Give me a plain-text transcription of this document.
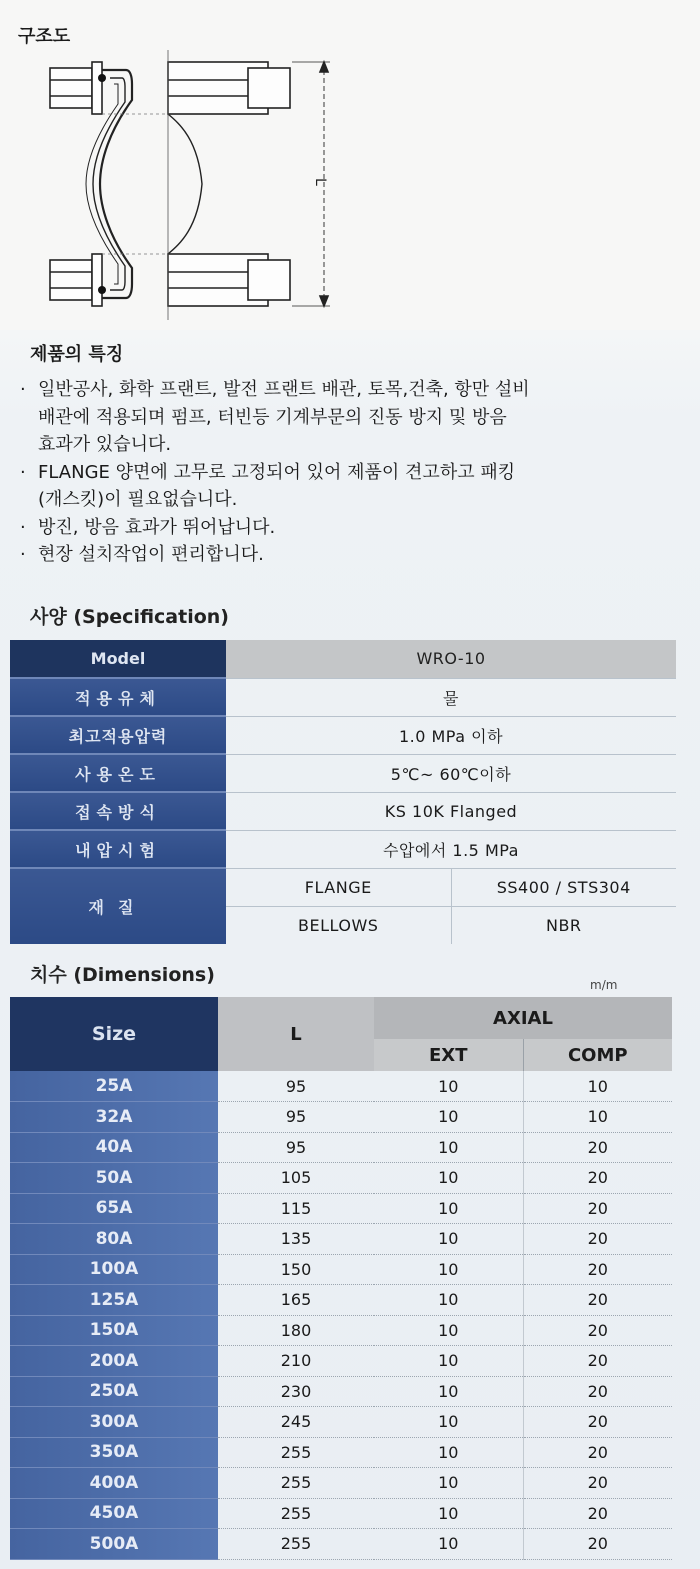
구조도
L
제품의 특징
· 일반공사, 화학 프랜트, 발전 프랜트 배관, 토목,건축, 항만 설비
배관에 적용되며 펌프, 터빈등 기계부문의 진동 방지 및 방음
효과가 있습니다.
· FLANGE 양면에 고무로 고정되어 있어 제품이 견고하고 패킹
(개스킷)이 필요없습니다.
· 방진, 방음 효과가 뛰어납니다.
· 현장 설치작업이 편리합니다.
사양 (Specification)
Model	WRO-10	
적용유체	물	
최고적용압력	1.0 MPa 이하	
사용온도	5℃~ 60℃이하	
접속방식	KS 10K Flanged	
내압시험	수압에서 1.5 MPa	
재질	FLANGE	SS400 / STS304
	BELLOWS	NBR
치수 (Dimensions)	m/m
Size	L	AXIAL	
		EXT	COMP
25A	95	10	10
32A	95	10	10
40A	95	10	20
50A	105	10	20
65A	115	10	20
80A	135	10	20
100A	150	10	20
125A	165	10	20
150A	180	10	20
200A	210	10	20
250A	230	10	20
300A	245	10	20
350A	255	10	20
400A	255	10	20
450A	255	10	20
500A	255	10	20
